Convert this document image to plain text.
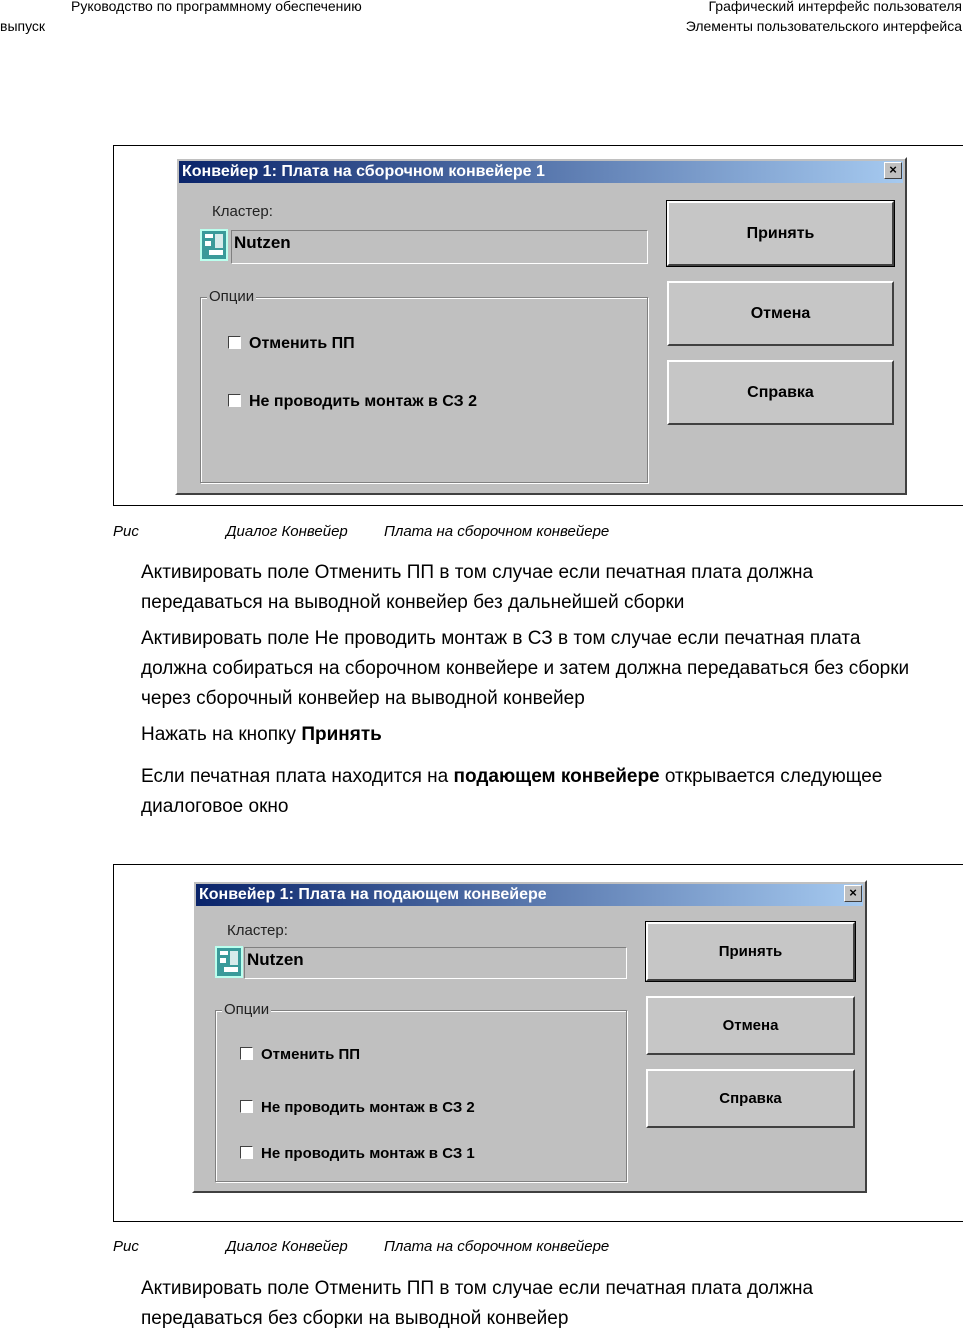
Руководство по программному обеспечению
выпуск
Графический интерфейс пользователя
Элементы пользовательского интерфейса
Конвейер 1: Плата на сборочном конвейере 1	×
Кластер:
Nutzen
Опции
Отменить ПП
Не проводить монтаж в СЗ 2
Принять
Отмена
Справка
Рис	Диалог Конвейер Плата на сборочном конвейере
Активировать поле Отменить ПП в том случае если печатная плата должна
передаваться на выводной конвейер без дальнейшей сборки
Активировать поле Не проводить монтаж в СЗ в том случае если печатная плата
должна собираться на сборочном конвейере и затем должна передаваться без сборки
через сборочный конвейер на выводной конвейер
Нажать на кнопку Принять
Если печатная плата находится на подающем конвейере открывается следующее
диалоговое окно
Конвейер 1: Плата на подающем конвейере	×
Кластер:
Nutzen
Опции
Отменить ПП
Не проводить монтаж в СЗ 2
Не проводить монтаж в СЗ 1
Принять
Отмена
Справка
Рис	Диалог Конвейер Плата на сборочном конвейере
Активировать поле Отменить ПП в том случае если печатная плата должна
передаваться без сборки на выводной конвейер
